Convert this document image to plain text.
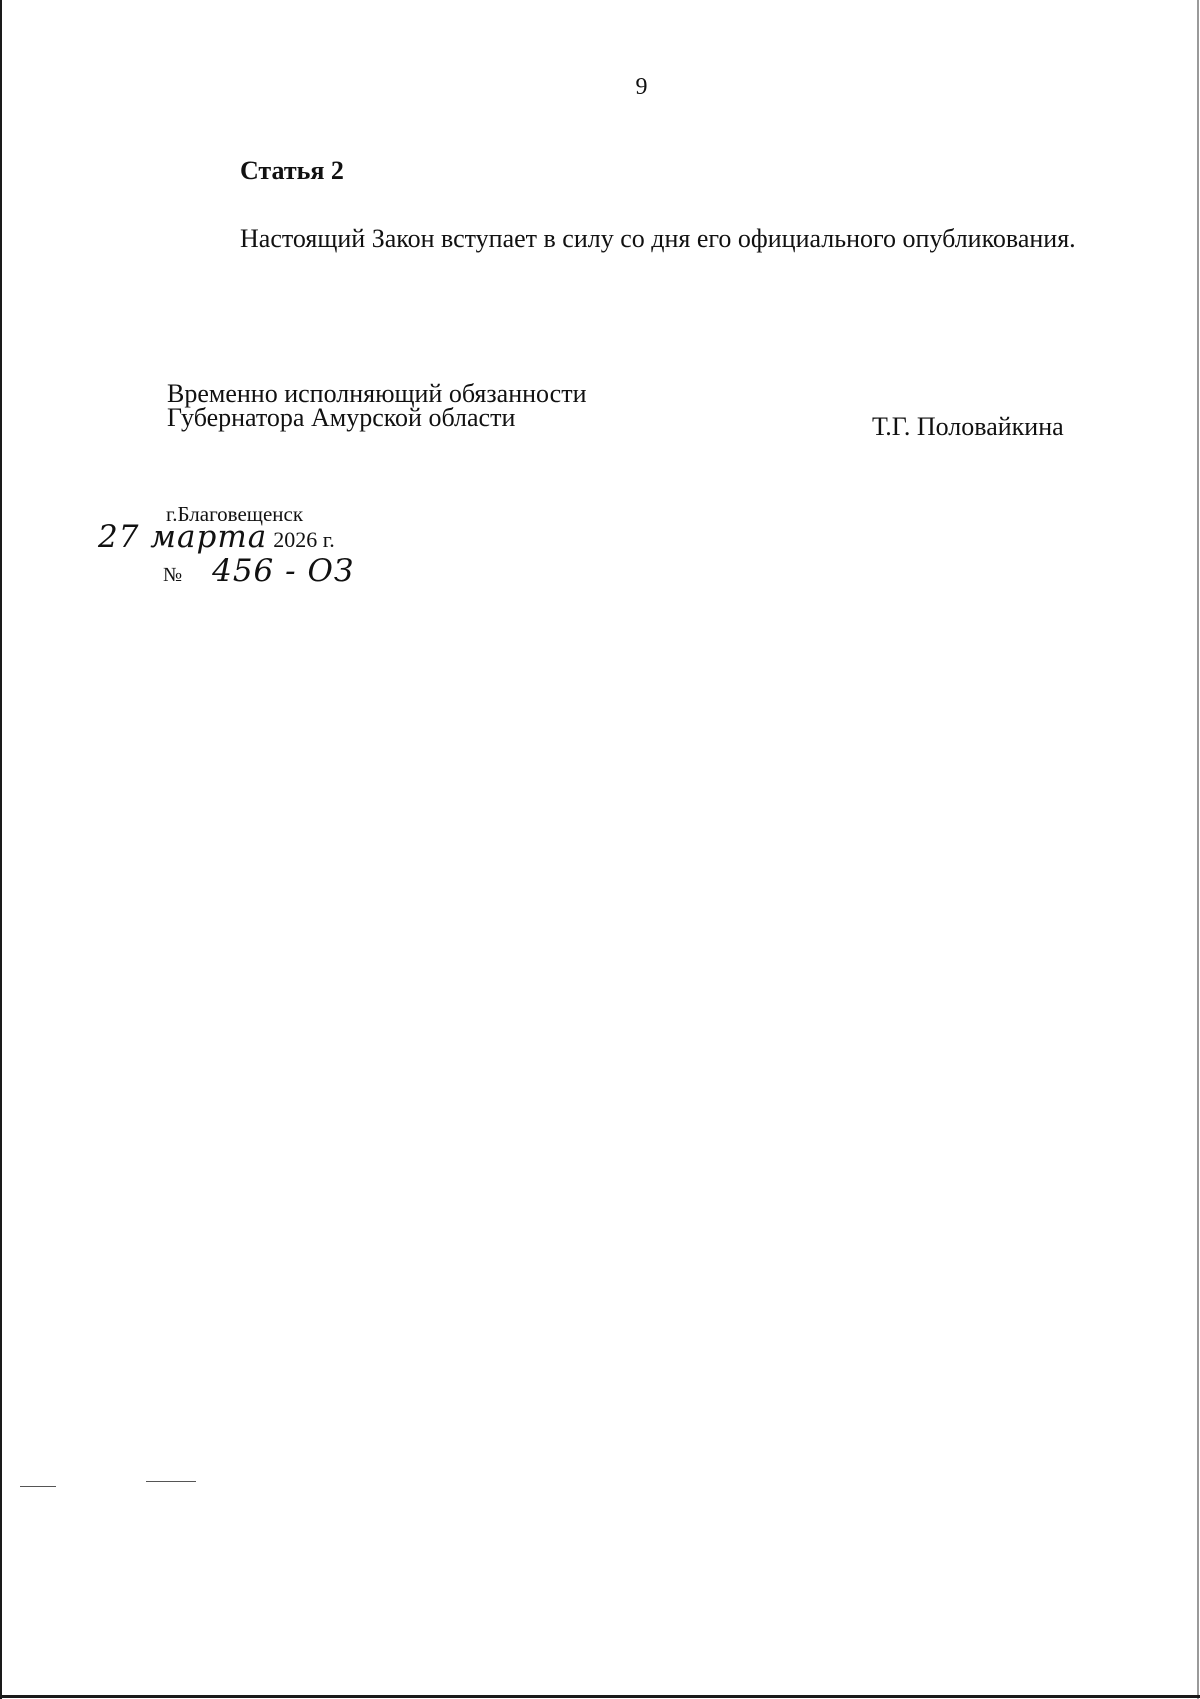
9
Статья 2
Настоящий Закон вступает в силу со дня его официального опубликования.
Временно исполняющий обязанности
Губернатора Амурской области	Т.Г. Половайкина
г.Благовещенск
27 марта 2026 г.
№ 456 - ОЗ
